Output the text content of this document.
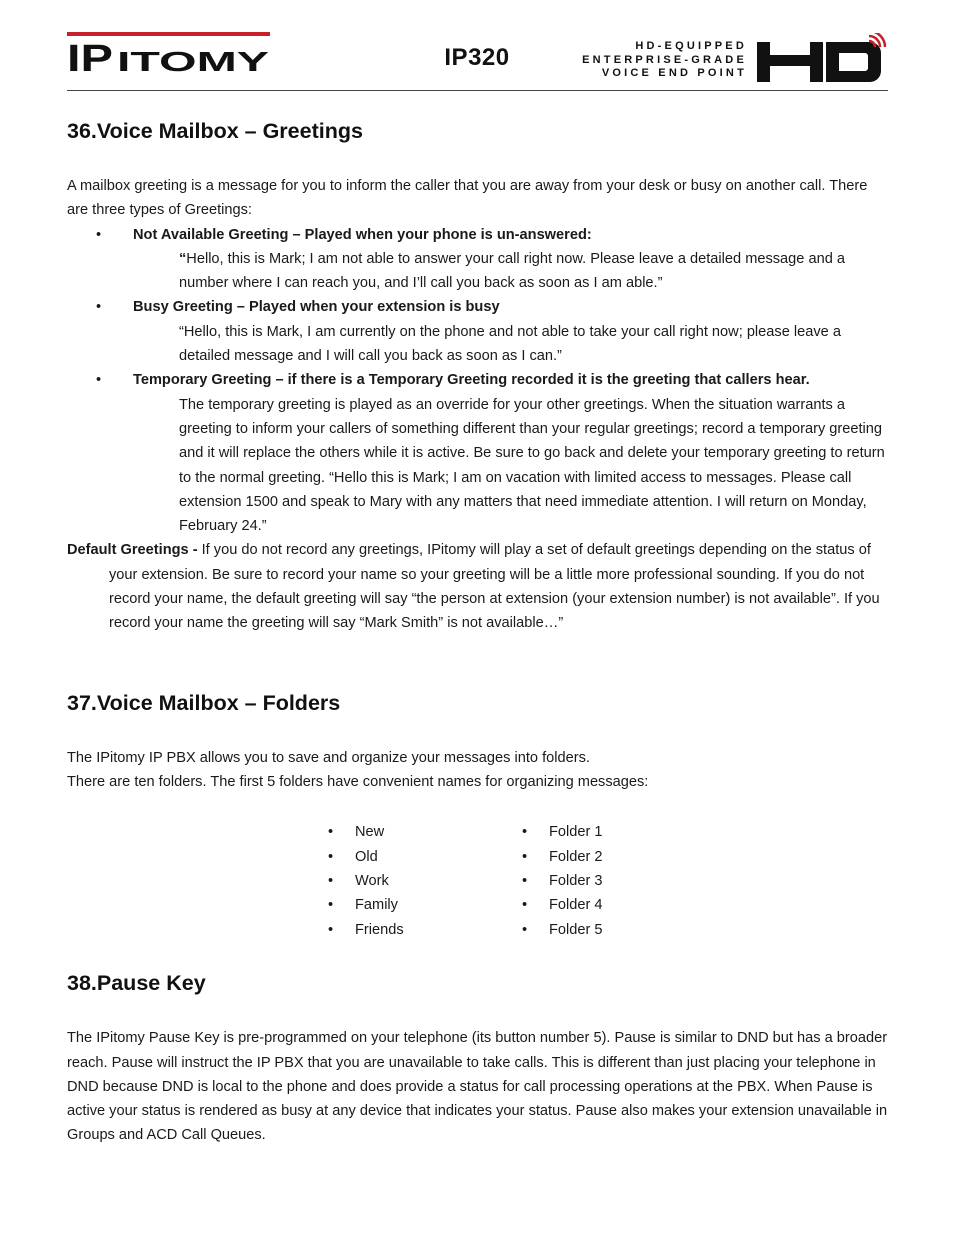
IP ITOMY	IP320	HD-EQUIPPED
ENTERPRISE-GRADE
VOICE END POINT
36.Voice Mailbox – Greetings

A mailbox greeting is a message for you to inform the caller that you are away from your desk or busy on another call. There are three types of Greetings:

• Not Available Greeting – Played when your phone is un-answered:
“Hello, this is Mark; I am not able to answer your call right now. Please leave a detailed message and a number where I can reach you, and I’ll call you back as soon as I am able.”
• Busy Greeting – Played when your extension is busy
“Hello, this is Mark, I am currently on the phone and not able to take your call right now; please leave a detailed message and I will call you back as soon as I can.”
• Temporary Greeting – if there is a Temporary Greeting recorded it is the greeting that callers hear.
The temporary greeting is played as an override for your other greetings. When the situation warrants a greeting to inform your callers of something different than your regular greetings; record a temporary greeting and it will replace the others while it is active. Be sure to go back and delete your temporary greeting to return to the normal greeting. “Hello this is Mark; I am on vacation with limited access to messages. Please call extension 1500 and speak to Mary with any matters that need immediate attention. I will return on Monday, February 24.”

Default Greetings - If you do not record any greetings, IPitomy will play a set of default greetings depending on the status of your extension. Be sure to record your name so your greeting will be a little more professional sounding. If you do not record your name, the default greeting will say “the person at extension (your extension number) is not available”. If you record your name the greeting will say “Mark Smith” is not available…”

37.Voice Mailbox – Folders

The IPitomy IP PBX allows you to save and organize your messages into folders.

There are ten folders. The first 5 folders have convenient names for organizing messages:

• New
• Old
• Work
• Family
• Friends
• Folder 1
• Folder 2
• Folder 3
• Folder 4
• Folder 5
38.Pause Key

The IPitomy Pause Key is pre-programmed on your telephone (its button number 5). Pause is similar to DND but has a broader reach. Pause will instruct the IP PBX that you are unavailable to take calls. This is different than just placing your telephone in DND because DND is local to the phone and does provide a status for call processing operations at the PBX. When Pause is active your status is rendered as busy at any device that indicates your status. Pause also makes your extension unavailable in Groups and ACD Call Queues.
